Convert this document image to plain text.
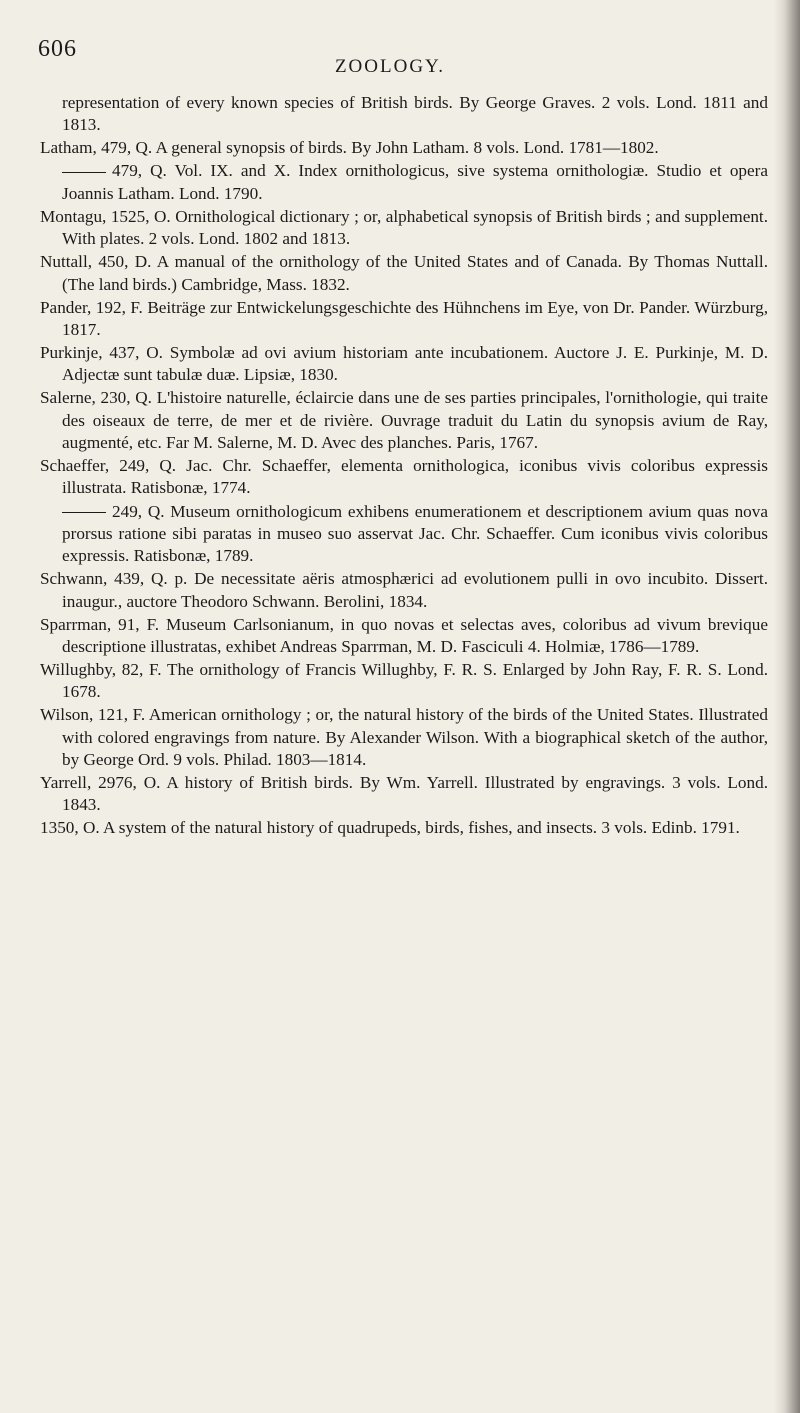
606
ZOOLOGY.

representation of every known species of British birds. By George Graves. 2 vols. Lond. 1811 and 1813.

Latham, 479, Q. A general synopsis of birds. By John Latham. 8 vols. Lond. 1781—1802.

479, Q. Vol. IX. and X. Index ornithologicus, sive systema ornithologiæ. Studio et opera Joannis Latham. Lond. 1790.

Montagu, 1525, O. Ornithological dictionary ; or, alphabetical synopsis of British birds ; and supplement. With plates. 2 vols. Lond. 1802 and 1813.

Nuttall, 450, D. A manual of the ornithology of the United States and of Canada. By Thomas Nuttall. (The land birds.) Cambridge, Mass. 1832.

Pander, 192, F. Beiträge zur Entwickelungsgeschichte des Hühnchens im Eye, von Dr. Pander. Würzburg, 1817.

Purkinje, 437, O. Symbolæ ad ovi avium historiam ante incubationem. Auctore J. E. Purkinje, M. D. Adjectæ sunt tabulæ duæ. Lipsiæ, 1830.

Salerne, 230, Q. L'histoire naturelle, éclaircie dans une de ses parties principales, l'ornithologie, qui traite des oiseaux de terre, de mer et de rivière. Ouvrage traduit du Latin du synopsis avium de Ray, augmenté, etc. Far M. Salerne, M. D. Avec des planches. Paris, 1767.

Schaeffer, 249, Q. Jac. Chr. Schaeffer, elementa ornithologica, iconibus vivis coloribus expressis illustrata. Ratisbonæ, 1774.

249, Q. Museum ornithologicum exhibens enumerationem et descriptionem avium quas nova prorsus ratione sibi paratas in museo suo asservat Jac. Chr. Schaeffer. Cum iconibus vivis coloribus expressis. Ratisbonæ, 1789.

Schwann, 439, Q. p. De necessitate aëris atmosphærici ad evolutionem pulli in ovo incubito. Dissert. inaugur., auctore Theodoro Schwann. Berolini, 1834.

Sparrman, 91, F. Museum Carlsonianum, in quo novas et selectas aves, coloribus ad vivum brevique descriptione illustratas, exhibet Andreas Sparrman, M. D. Fasciculi 4. Holmiæ, 1786—1789.

Willughby, 82, F. The ornithology of Francis Willughby, F. R. S. Enlarged by John Ray, F. R. S. Lond. 1678.

Wilson, 121, F. American ornithology ; or, the natural history of the birds of the United States. Illustrated with colored engravings from nature. By Alexander Wilson. With a biographical sketch of the author, by George Ord. 9 vols. Philad. 1803—1814.

Yarrell, 2976, O. A history of British birds. By Wm. Yarrell. Illustrated by engravings. 3 vols. Lond. 1843.

1350, O. A system of the natural history of quadrupeds, birds, fishes, and insects. 3 vols. Edinb. 1791.
